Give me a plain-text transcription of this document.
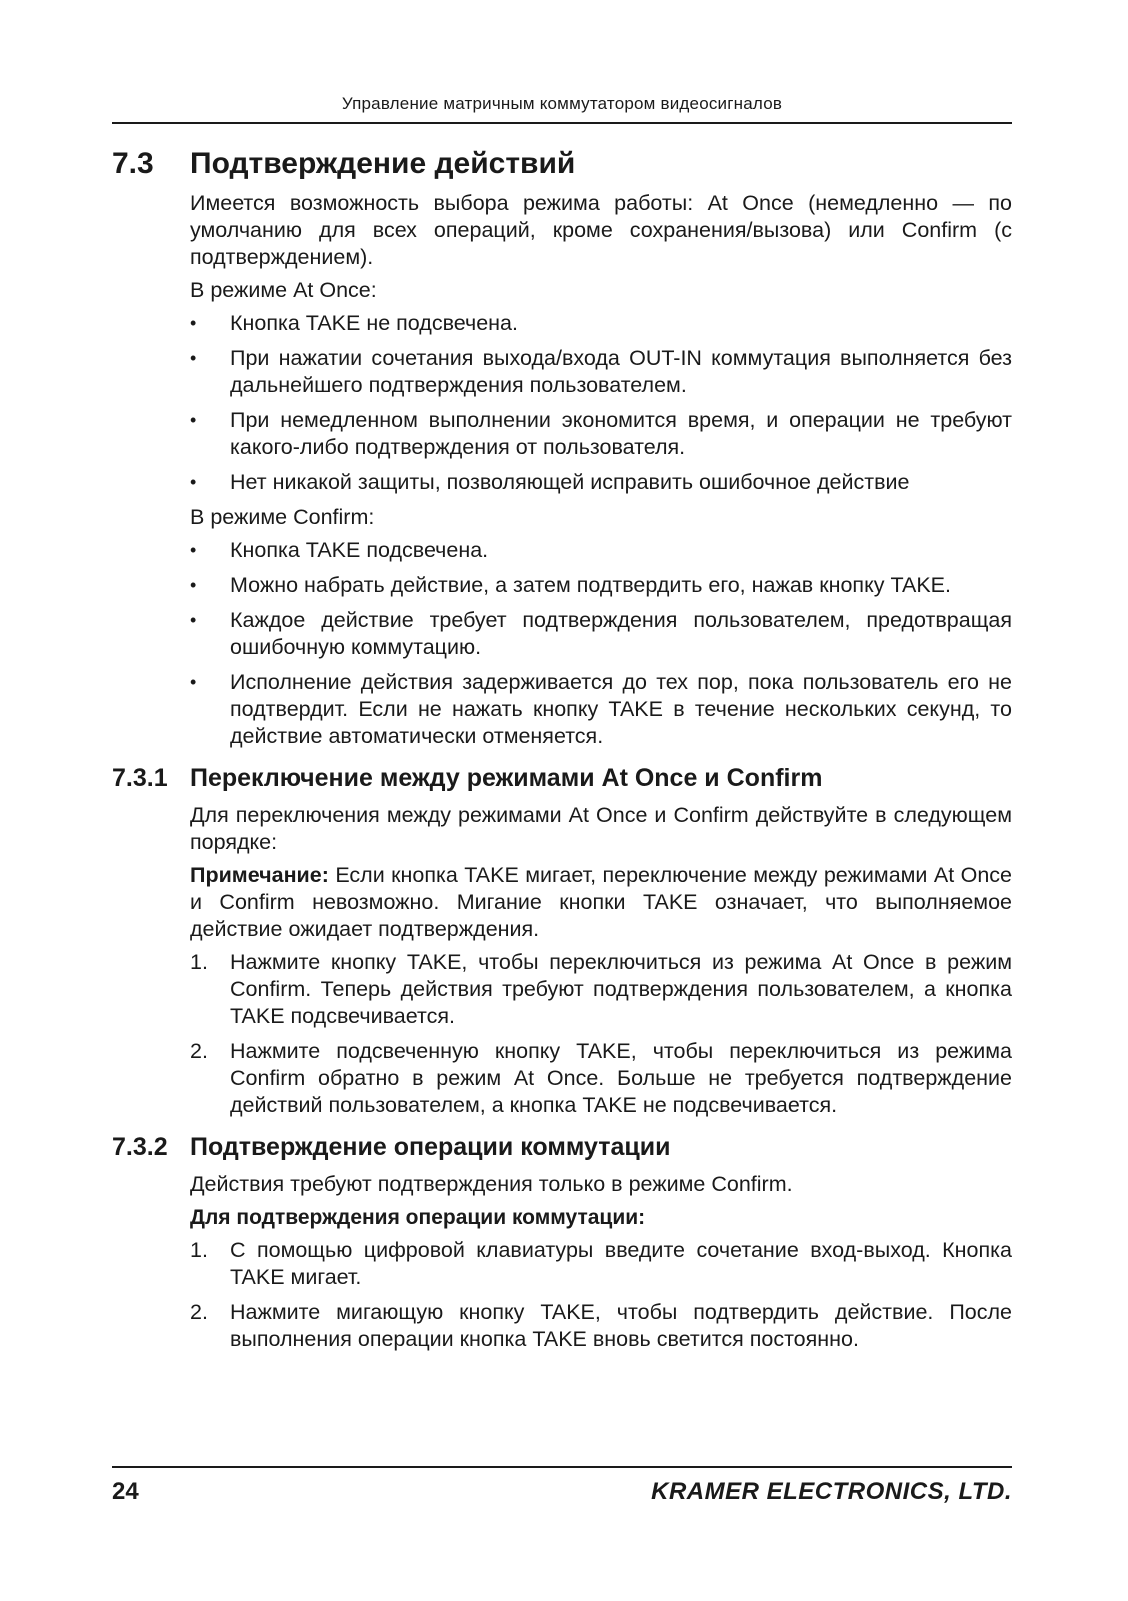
Управление матричным коммутатором видеосигналов
7.3	Подтверждение действий

Имеется возможность выбора режима работы: At Once (немедленно — по умолчанию для всех операций, кроме сохранения/вызова) или Confirm (с подтверждением).

В режиме At Once:

•	Кнопка TAKE не подсвечена.
•	При нажатии сочетания выхода/входа OUT-IN коммутация выполняется без дальнейшего подтверждения пользователем.
•	При немедленном выполнении экономится время, и операции не требуют какого-либо подтверждения от пользователя.
•	Нет никакой защиты, позволяющей исправить ошибочное действие

В режиме Confirm:

•	Кнопка TAKE подсвечена.
•	Можно набрать действие, а затем подтвердить его, нажав кнопку TAKE.
•	Каждое действие требует подтверждения пользователем, предотвращая ошибочную коммутацию.
•	Исполнение действия задерживается до тех пор, пока пользователь его не подтвердит. Если не нажать кнопку TAKE в течение нескольких секунд, то действие автоматически отменяется.
7.3.1 Переключение между режимами At Once и Confirm

Для переключения между режимами At Once и Confirm действуйте в следующем порядке:

Примечание: Если кнопка TAKE мигает, переключение между режимами At Once и Confirm невозможно. Мигание кнопки TAKE означает, что выполняемое действие ожидает подтверждения.

1.	Нажмите кнопку TAKE, чтобы переключиться из режима At Once в режим Confirm. Теперь действия требуют подтверждения пользователем, а кнопка TAKE подсвечивается.
2.	Нажмите подсвеченную кнопку TAKE, чтобы переключиться из режима Confirm обратно в режим At Once. Больше не требуется подтверждение действий пользователем, а кнопка TAKE не подсвечивается.
7.3.2 Подтверждение операции коммутации

Действия требуют подтверждения только в режиме Confirm.

Для подтверждения операции коммутации:

1.	С помощью цифровой клавиатуры введите сочетание вход-выход. Кнопка TAKE мигает.
2.	Нажмите мигающую кнопку TAKE, чтобы подтвердить действие. После выполнения операции кнопка TAKE вновь светится постоянно.
24	KRAMER ELECTRONICS, LTD.
